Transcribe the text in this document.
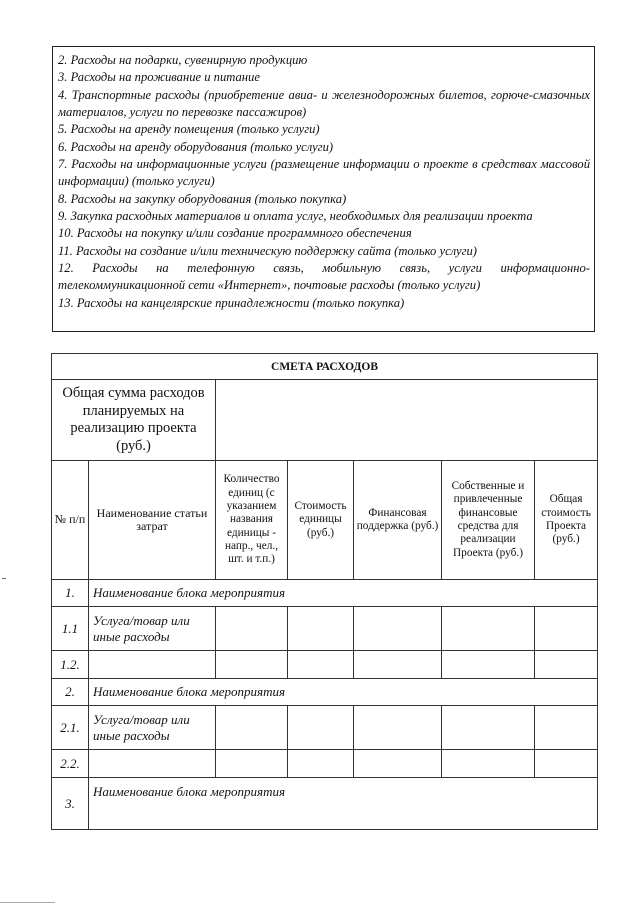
2. Расходы на подарки, сувенирную продукцию

3. Расходы на проживание и питание

4. Транспортные расходы (приобретение авиа- и железнодорожных билетов, горюче-смазочных материалов, услуги по перевозке пассажиров)

5. Расходы на аренду помещения (только услуги)

6. Расходы на аренду оборудования (только услуги)

7. Расходы на информационные услуги (размещение информации о проекте в средствах массовой информации) (только услуги)

8. Расходы на закупку оборудования (только покупка)

9. Закупка расходных материалов и оплата услуг, необходимых для реализации проекта

10. Расходы на покупку и/или создание программного обеспечения

11. Расходы на создание и/или техническую поддержку сайта (только услуги)

12. Расходы на телефонную связь, мобильную связь, услуги информационно-телекоммуникационной сети «Интернет», почтовые расходы (только услуги)

13. Расходы на канцелярские принадлежности (только покупка)

СМЕТА РАСХОДОВ						
Общая сумма расходов планируемых на реализацию проекта (руб.)						
№ п/п	Наименование статьи затрат	Количество единиц (с указанием названия единицы - напр., чел., шт. и т.п.)	Стоимость единицы (руб.)	Финансовая поддержка (руб.)	Собственные и привлеченные финансовые средства для реализации Проекта (руб.)	Общая стоимость Проекта (руб.)
1.	Наименование блока мероприятия					
1.1	Услуга/товар или иные расходы					
1.2.						
2.	Наименование блока мероприятия					
2.1.	Услуга/товар или иные расходы					
2.2.						
3.	Наименование блока мероприятия					
